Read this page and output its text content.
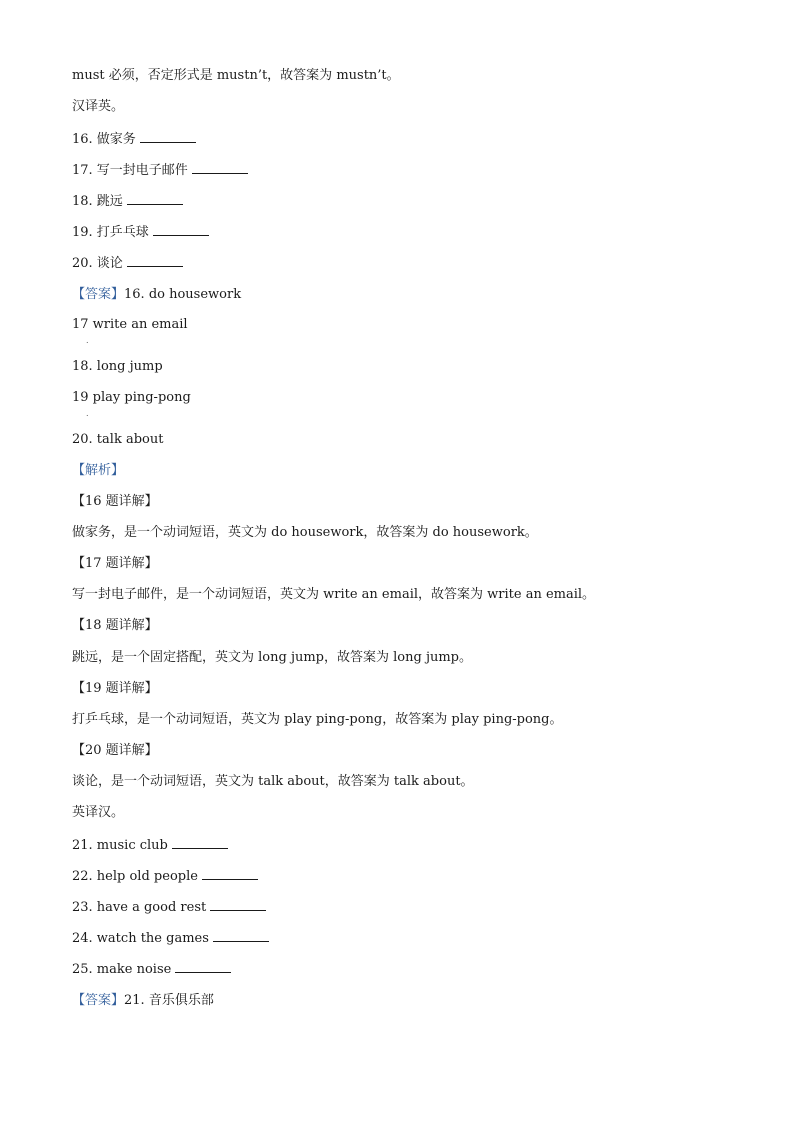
must 必须，否定形式是 mustn’t，故答案为 mustn’t。
汉译英。
16. 做家务
17. 写一封电子邮件
18. 跳远
19. 打乒乓球
20. 谈论
【答案】16. do housework
17 write an email
.
18. long jump
19 play ping-pong
.
20. talk about
【解析】
【16 题详解】
做家务，是一个动词短语，英文为 do housework，故答案为 do housework。
【17 题详解】
写一封电子邮件，是一个动词短语，英文为 write an email，故答案为 write an email。
【18 题详解】
跳远，是一个固定搭配，英文为 long jump，故答案为 long jump。
【19 题详解】
打乒乓球，是一个动词短语，英文为 play ping-pong，故答案为 play ping-pong。
【20 题详解】
谈论，是一个动词短语，英文为 talk about，故答案为 talk about。
英译汉。
21. music club
22. help old people
23. have a good rest
24. watch the games
25. make noise
【答案】21. 音乐俱乐部
